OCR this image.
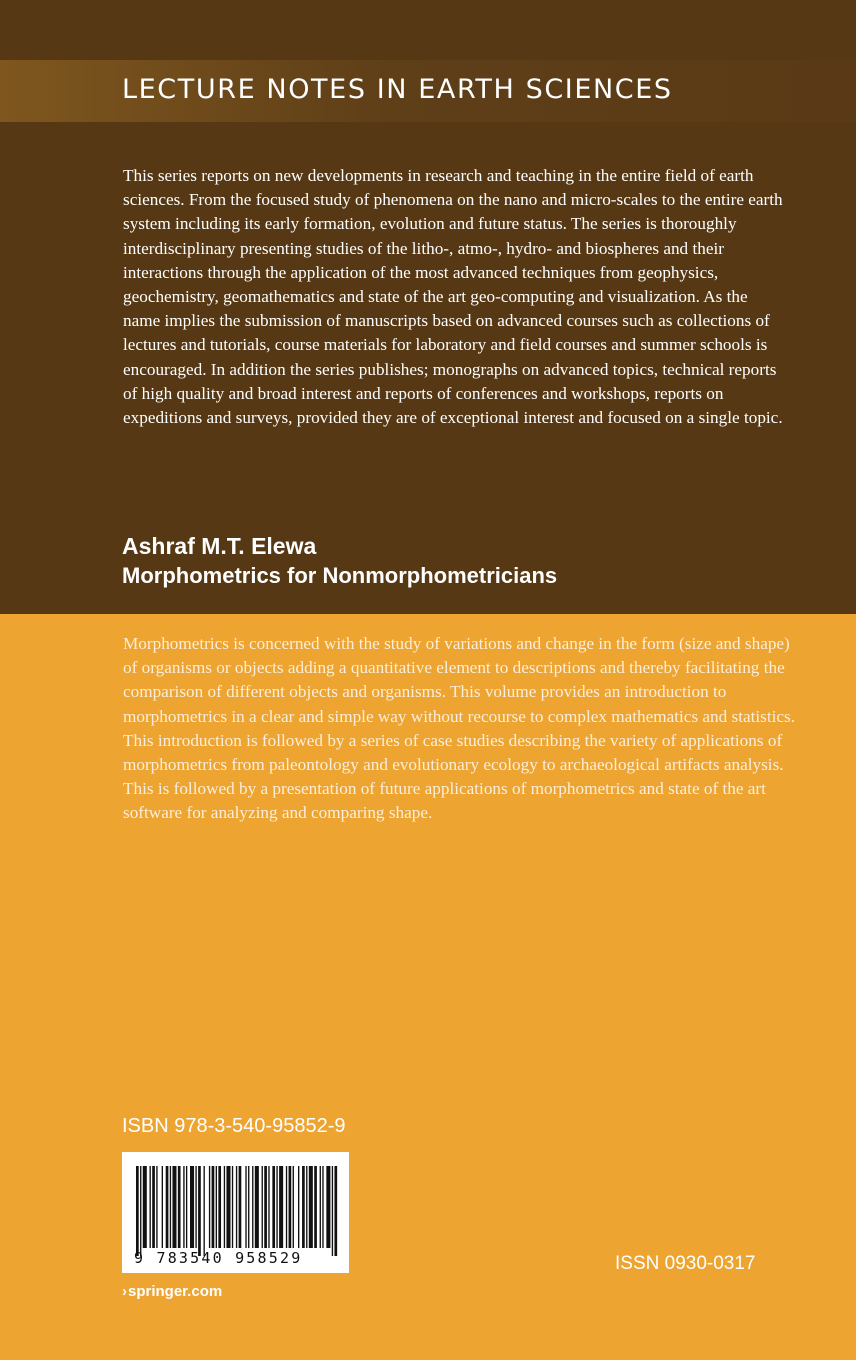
LECTURE NOTES IN EARTH SCIENCES

This series reports on new developments in research and teaching in the entire field of earth sciences. From the focused study of phenomena on the nano and micro-scales to the entire earth system including its early formation, evolution and future status. The series is thoroughly interdisciplinary presenting studies of the litho-, atmo-, hydro- and biospheres and their interactions through the application of the most advanced techniques from geophysics, geochemistry, geomathematics and state of the art geo-computing and visualization. As the name implies the submission of manuscripts based on advanced courses such as collections of lectures and tutorials, course materials for laboratory and field courses and summer schools is encouraged. In addition the series publishes; monographs on advanced topics, technical reports of high quality and broad interest and reports of conferences and workshops, reports on expeditions and surveys, provided they are of exceptional interest and focused on a single topic.

Ashraf M.T. Elewa
Morphometrics for Nonmorphometricians

Morphometrics is concerned with the study of variations and change in the form (size and shape) of organisms or objects adding a quantitative element to descriptions and thereby facilitating the comparison of different objects and organisms. This volume provides an introduction to morphometrics in a clear and simple way without recourse to complex mathematics and statistics. This introduction is followed by a series of case studies describing the variety of applications of morphometrics from paleontology and evolutionary ecology to archaeological artifacts analysis. This is followed by a presentation of future applications of morphometrics and state of the art software for analyzing and comparing shape.

ISBN 978-3-540-95852-9
9 783540 958529	ISSN 0930-0317
›springer.com
